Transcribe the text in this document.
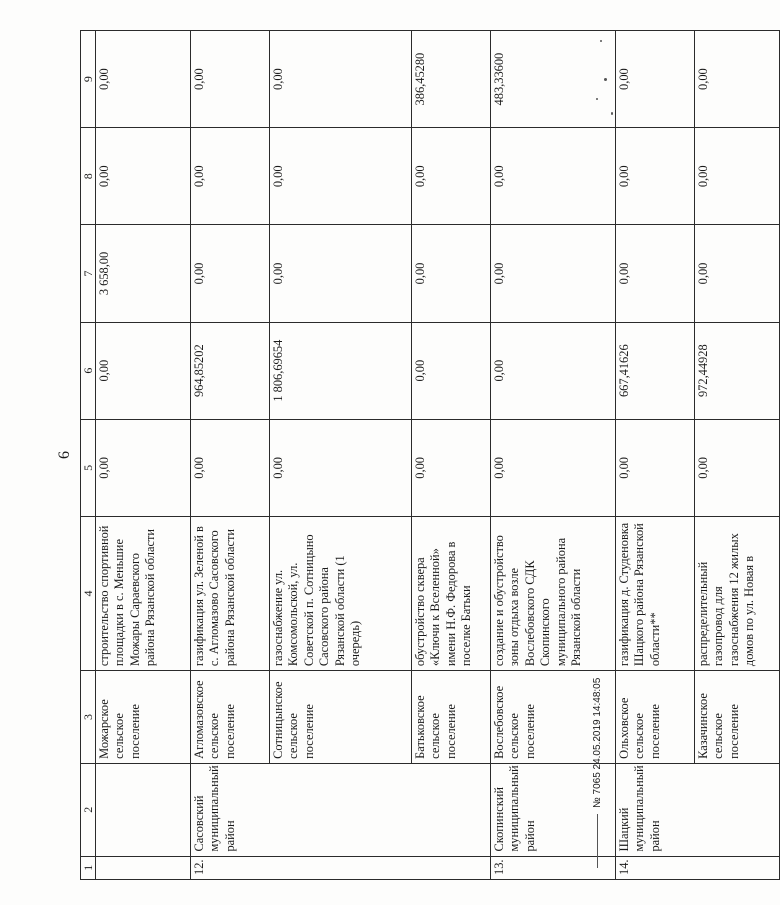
6
1	2	3	4	5	6	7	8	9
		Можарское сельское поселение	строительство спортивной площадки в с. Меньшие Можары Сараевского района Рязанской области	0,00	0,00	3 658,00	0,00	0,00
12.	Сасовский муниципальный район	Агломазовское сельское поселение	газификация ул. Зеленой в с. Агломазово Сасовского района Рязанской области	0,00	964,85202	0,00	0,00	0,00
		Сотницынское сельское поселение	газоснабжение ул. Комсомольской, ул. Советской п. Сотницыно Сасовского района Рязанской области (1 очередь)	0,00	1 806,69654	0,00	0,00	0,00
		Батьковское сельское поселение	обустройство сквера «Ключи к Вселенной» имени Н.Ф. Федорова в поселке Батьки	0,00	0,00	0,00	0,00	386,45280
13.	Скопинский муниципальный район	Вослебовское сельское поселение	создание и обустройство зоны отдыха возле Вослебовского СДК Скопинского муниципального района Рязанской области	0,00	0,00	0,00	0,00	483,33600
14.	Шацкий муниципальный район	Ольховское сельское поселение	газификация д. Студеновка Шацкого района Рязанской области**	0,00	667,41626	0,00	0,00	0,00
		Казачинское сельское поселение	распределительный газопровод для газоснабжения 12 жилых домов по ул. Новая в	0,00	972,44928	0,00	0,00	0,00
№ 7065 24.05.2019 14:48:05
